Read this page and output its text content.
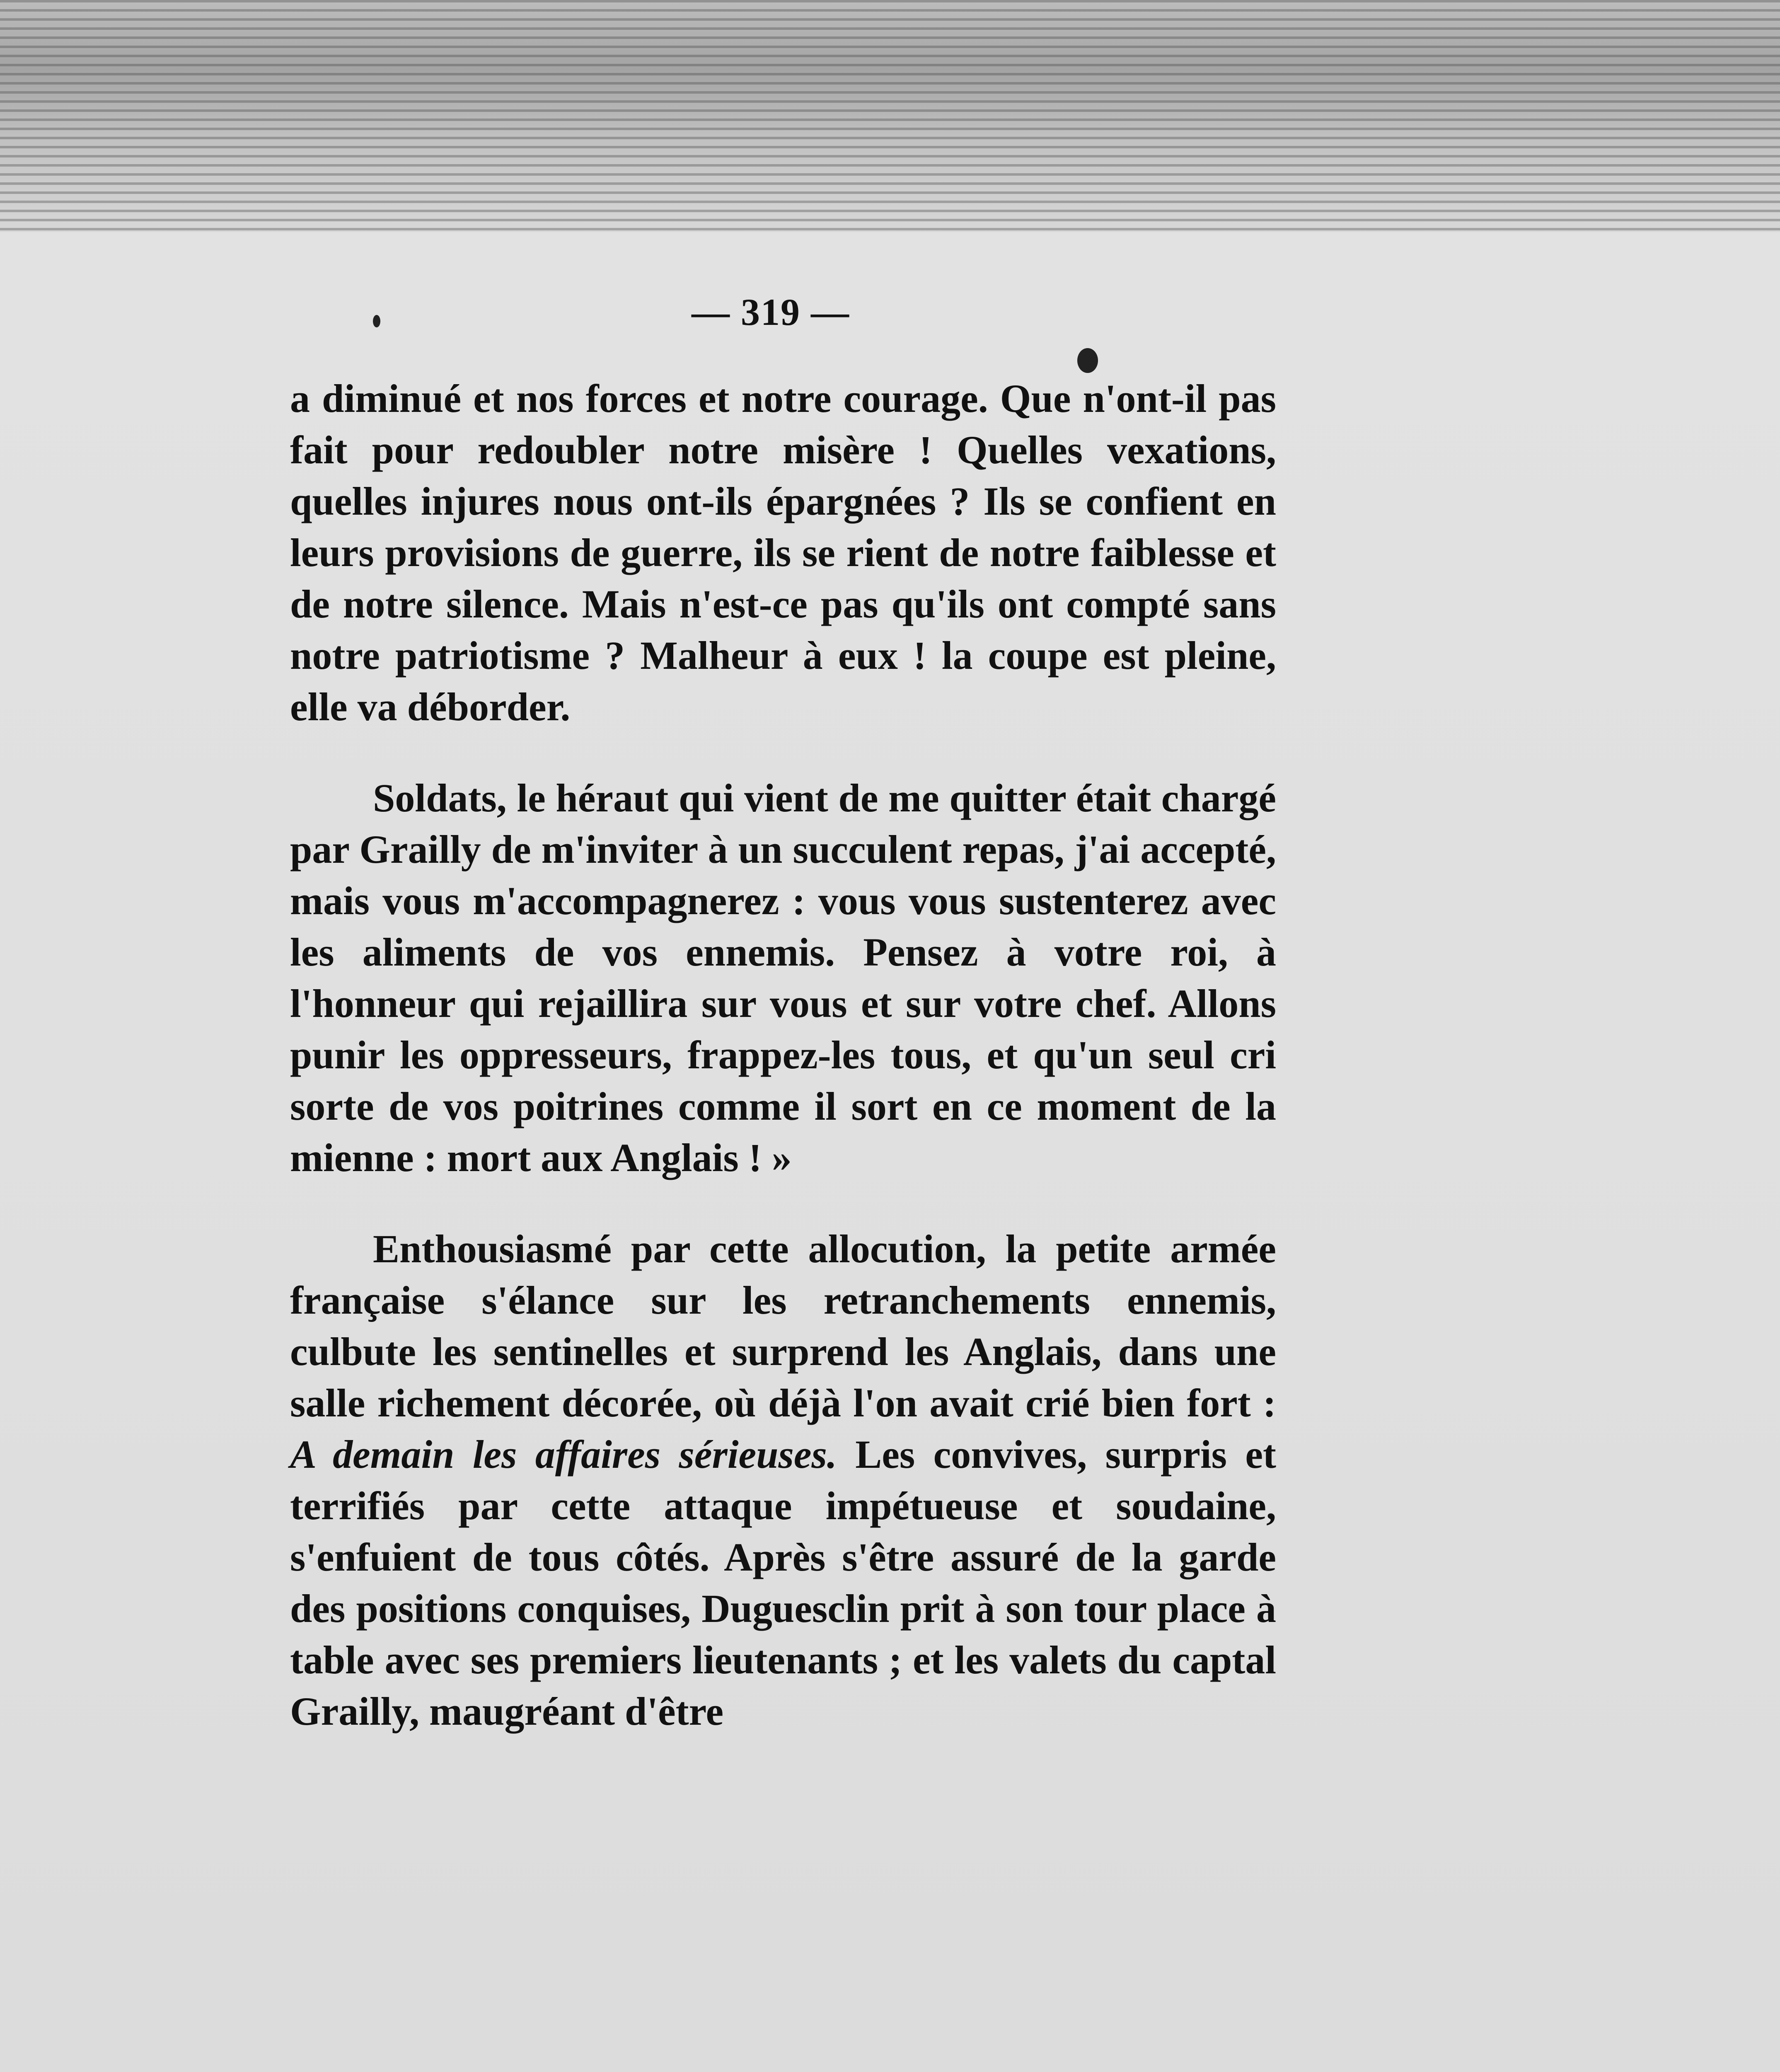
— 319 —

a diminué et nos forces et notre courage. Que n'ont-il pas fait pour redoubler notre misère ! Quelles vexations, quelles injures nous ont-ils épargnées ? Ils se confient en leurs provisions de guerre, ils se rient de notre faiblesse et de notre silence. Mais n'est-ce pas qu'ils ont compté sans notre patriotisme ? Malheur à eux ! la coupe est pleine, elle va déborder.

Soldats, le héraut qui vient de me quitter était chargé par Grailly de m'inviter à un succulent repas, j'ai accepté, mais vous m'accompagnerez : vous vous sustenterez avec les aliments de vos ennemis. Pensez à votre roi, à l'honneur qui rejaillira sur vous et sur votre chef. Allons punir les oppresseurs, frappez-les tous, et qu'un seul cri sorte de vos poitrines comme il sort en ce moment de la mienne : mort aux Anglais ! »

Enthousiasmé par cette allocution, la petite armée française s'élance sur les retranchements ennemis, culbute les sentinelles et surprend les Anglais, dans une salle richement décorée, où déjà l'on avait crié bien fort : A demain les affaires sérieuses. Les convives, surpris et terrifiés par cette attaque impétueuse et soudaine, s'enfuient de tous côtés. Après s'être assuré de la garde des positions conquises, Duguesclin prit à son tour place à table avec ses premiers lieutenants ; et les valets du captal Grailly, maugréant d'être
